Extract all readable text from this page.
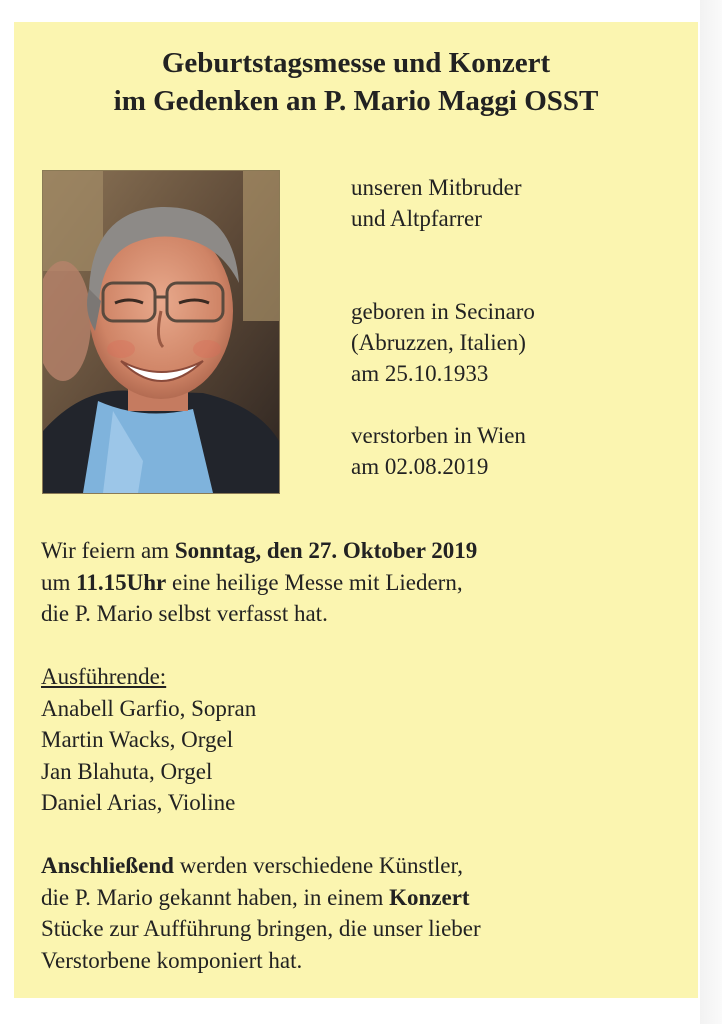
Geburtstagsmesse und Konzert
im Gedenken an P. Mario Maggi OSST
unseren Mitbruder
und Altpfarrer
geboren in Secinaro
(Abruzzen, Italien)
am 25.10.1933
verstorben in Wien
am 02.08.2019
Wir feiern am Sonntag, den 27. Oktober 2019
um 11.15Uhr eine heilige Messe mit Liedern,
die P. Mario selbst verfasst hat.
Ausführende:
Anabell Garfio, Sopran
Martin Wacks, Orgel
Jan Blahuta, Orgel
Daniel Arias, Violine
Anschließend werden verschiedene Künstler,
die P. Mario gekannt haben, in einem Konzert
Stücke zur Aufführung bringen, die unser lieber
Verstorbene komponiert hat.
